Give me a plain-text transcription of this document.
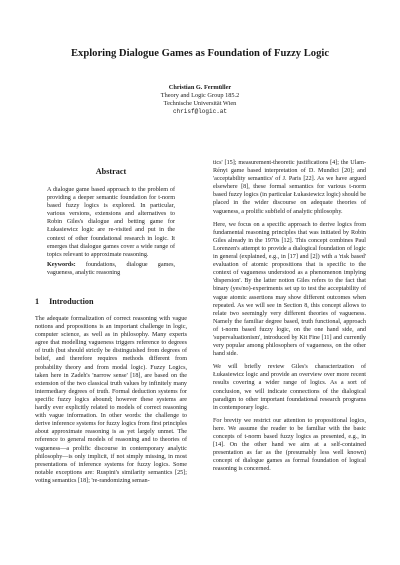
Exploring Dialogue Games as Foundation of Fuzzy Logic
Christian G. Fermüller
Theory and Logic Group 185.2
Technische Universität Wien
chrisf@logic.at
Abstract

A dialogue game based approach to the problem of providing a deeper semantic foundation for t-norm based fuzzy logics is explored. In particular, various versions, extensions and alternatives to Robin Giles's dialogue and betting game for Łukasiewicz logic are re-visited and put in the context of other foundational research in logic. It emerges that dialogue games cover a wide range of topics relevant to approximate reasoning.

Keywords: foundations, dialogue games, vagueness, analytic reasoning

1 Introduction

The adequate formalization of correct reasoning with vague notions and propositions is an important challenge in logic, computer science, as well as in philosophy. Many experts agree that modelling vagueness triggers reference to degrees of truth (but should strictly be distinguished from degrees of belief, and therefore requires methods different from probability theory and from modal logic). Fuzzy Logics, taken here in Zadeh's 'narrow sense' [18], are based on the extension of the two classical truth values by infinitely many intermediary degrees of truth. Formal deduction systems for specific fuzzy logics abound; however these systems are hardly ever explicitly related to models of correct reasoning with vague information. In other words: the challenge to derive inference systems for fuzzy logics from first principles about approximate reasoning is as yet largely unmet. The reference to general models of reasoning and to theories of vagueness—a prolific discourse in contemporary analytic philosophy—is only implicit, if not simply missing, in most presentations of inference systems for fuzzy logics. Some notable exceptions are: Ruspini's similarity semantics [25]; voting semantics [18]; 're-randomizing seman-

tics' [15]; measurement-theoretic justifications [4]; the Ulam-Rényi game based interpretation of D. Mundici [20]; and 'acceptability semantics' of J. Paris [22]. As we have argued elsewhere [8], these formal semantics for various t-norm based fuzzy logics (in particular Łukasiewicz logic) should be placed in the wider discourse on adequate theories of vagueness, a prolific subfield of analytic philosophy.

Here, we focus on a specific approach to derive logics from fundamental reasoning principles that was initiated by Robin Giles already in the 1970s [12]. This concept combines Paul Lorenzen's attempt to provide a dialogical foundation of logic in general (explained, e.g., in [17] and [2]) with a 'risk based' evaluation of atomic propositions that is specific to the context of vagueness understood as a phenomenon implying 'dispersion'. By the latter notion Giles refers to the fact that binary (yes/no)-experiments set up to test the acceptability of vague atomic assertions may show different outcomes when repeated. As we will see in Section 8, this concept allows to relate two seemingly very different theories of vagueness. Namely the familiar degree based, truth functional, approach of t-norm based fuzzy logic, on the one hand side, and 'supervaluationism', introduced by Kit Fine [11] and currently very popular among philosophers of vagueness, on the other hand side.

We will briefly review Giles's characterization of Łukasiewicz logic and provide an overview over more recent results covering a wider range of logics. As a sort of conclusion, we will indicate connections of the dialogical paradigm to other important foundational research programs in contemporary logic.

For brevity we restrict our attention to propositional logics, here. We assume the reader to be familiar with the basic concepts of t-norm based fuzzy logics as presented, e.g., in [14]. On the other hand we aim at a self-contained presentation as far as the (presumably less well known) concept of dialogue games as formal foundation of logical reasoning is concerned.
